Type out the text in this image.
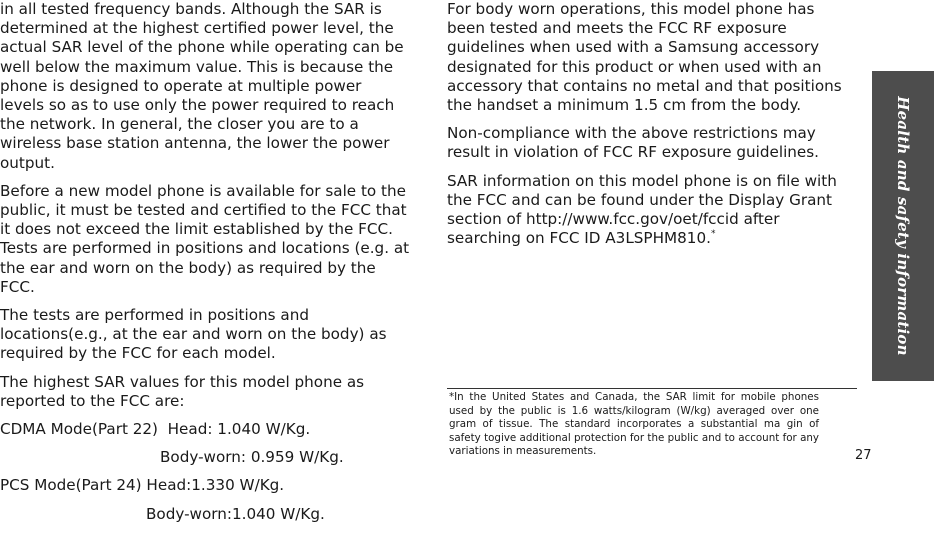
in all tested frequency bands. Although the SAR is determined at the highest certified power level, the actual SAR level of the phone while operating can be well below the maximum value. This is because the phone is designed to operate at multiple power levels so as to use only the power required to reach the network. In general, the closer you are to a wireless base station antenna, the lower the power output.

Before a new model phone is available for sale to the public, it must be tested and certified to the FCC that it does not exceed the limit established by the FCC. Tests are performed in positions and locations (e.g. at the ear and worn on the body) as required by the FCC.

The tests are performed in positions and locations(e.g., at the ear and worn on the body) as required by the FCC for each model.

The highest SAR values for this model phone as reported to the FCC are:

CDMA Mode(Part 22)  Head: 1.040 W/Kg.
Body-worn: 0.959 W/Kg.
PCS Mode(Part 24) Head:1.330 W/Kg.
Body-worn:1.040 W/Kg.

For body worn operations, this model phone has been tested and meets the FCC RF exposure guidelines when used with a Samsung accessory designated for this product or when used with an accessory that contains no metal and that positions the handset a minimum 1.5 cm from the body.

Non-compliance with the above restrictions may result in violation of FCC RF exposure guidelines.

SAR information on this model phone is on file with the FCC and can be found under the Display Grant section of http://www.fcc.gov/oet/fccid after searching on FCC ID A3LSPHM810.*

*In the United States and Canada, the SAR limit for mobile phones used by the public is 1.6 watts/kilogram (W/kg) averaged over one gram of tissue. The standard incorporates a substantial ma gin of safety togive additional protection for the public and to account for any variations in measurements.
Health and safety information
27
